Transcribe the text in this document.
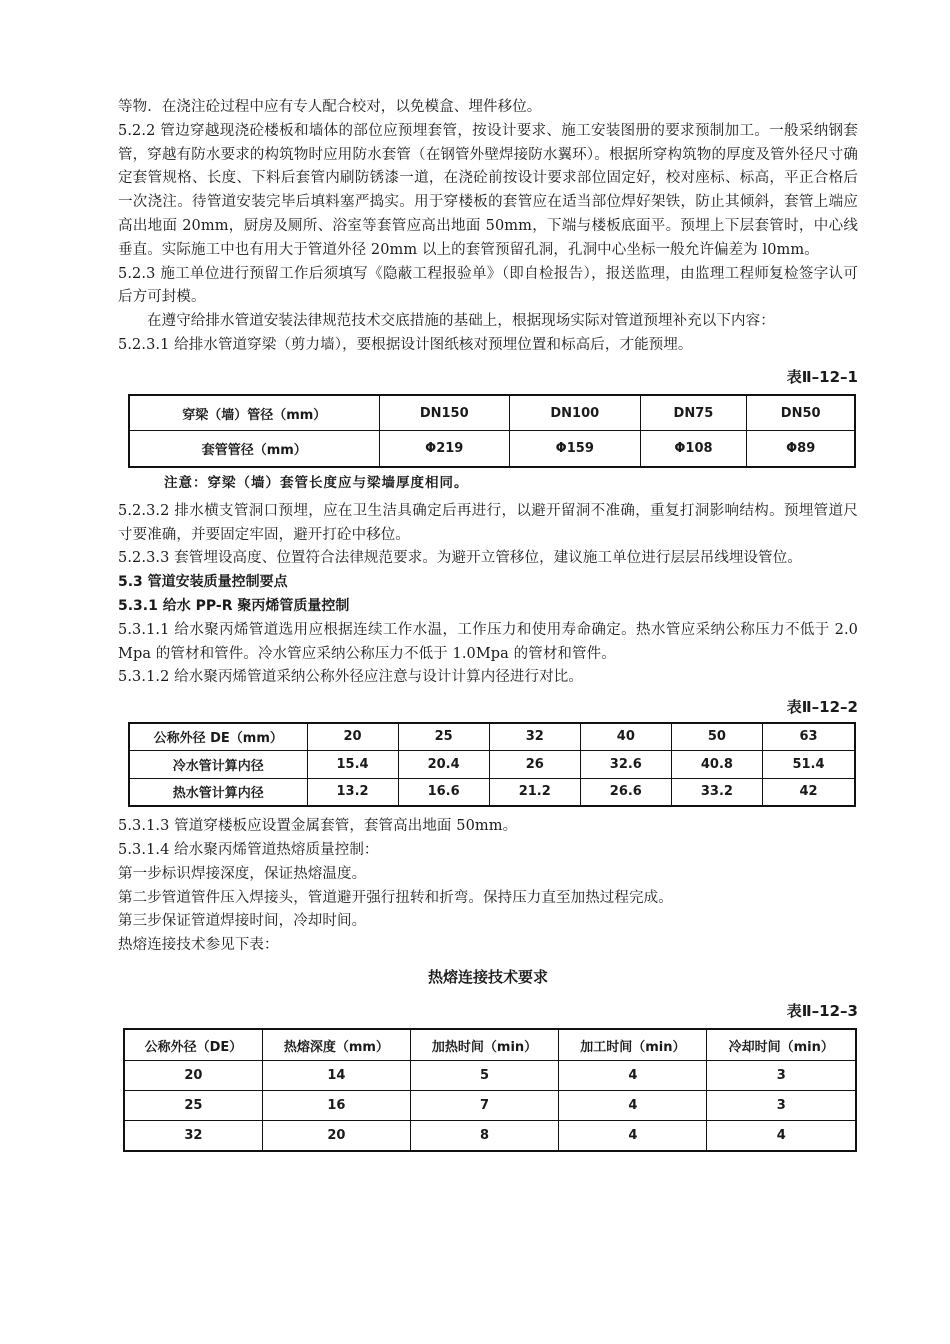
等物．在浇注砼过程中应有专人配合校对，以免模盒、埋件移位。

5.2.2 管边穿越现浇砼楼板和墙体的部位应预埋套管，按设计要求、施工安装图册的要求预制加工。一般采纳钢套管，穿越有防水要求的构筑物时应用防水套管（在钢管外壁焊接防水翼环）。根据所穿构筑物的厚度及管外径尺寸确定套管规格、长度、下料后套管内刷防锈漆一道，在浇砼前按设计要求部位固定好，校对座标、标高，平正合格后一次浇注。待管道安装完毕后填料塞严捣实。用于穿楼板的套管应在适当部位焊好架铁，防止其倾斜，套管上端应高出地面 20mm，厨房及厕所、浴室等套管应高出地面 50mm，下端与楼板底面平。预埋上下层套管时，中心线垂直。实际施工中也有用大于管道外径 20mm 以上的套管预留孔洞，孔洞中心坐标一般允许偏差为 l0mm。

5.2.3 施工单位进行预留工作后须填写《隐蔽工程报验单》（即自检报告），报送监理，由监理工程师复检签字认可后方可封模。

在遵守给排水管道安装法律规范技术交底措施的基础上，根据现场实际对管道预埋补充以下内容：

5.2.3.1 给排水管道穿梁（剪力墙），要根据设计图纸核对预埋位置和标高后，才能预埋。

表Ⅱ–12–1

穿梁（墙）管径（mm）	DN150	DN100	DN75	DN50
套管管径（mm）	Φ219	Φ159	Φ108	Φ89

注意：穿梁（墙）套管长度应与梁墙厚度相同。

5.2.3.2 排水横支管洞口预埋，应在卫生洁具确定后再进行，以避开留洞不准确，重复打洞影响结构。预埋管道尺寸要准确，并要固定牢固，避开打砼中移位。

5.2.3.3 套管埋设高度、位置符合法律规范要求。为避开立管移位，建议施工单位进行层层吊线埋设管位。

5.3 管道安装质量控制要点

5.3.1 给水 PP-R 聚丙烯管质量控制

5.3.1.1 给水聚丙烯管道选用应根据连续工作水温，工作压力和使用寿命确定。热水管应采纳公称压力不低于 2.0Mpa 的管材和管件。冷水管应采纳公称压力不低于 1.0Mpa 的管材和管件。

5.3.1.2 给水聚丙烯管道采纳公称外径应注意与设计计算内径进行对比。

表Ⅱ–12–2

公称外径 DE（mm）	20	25	32	40	50	63
冷水管计算内径	15.4	20.4	26	32.6	40.8	51.4
热水管计算内径	13.2	16.6	21.2	26.6	33.2	42

5.3.1.3 管道穿楼板应设置金属套管，套管高出地面 50mm。

5.3.1.4 给水聚丙烯管道热熔质量控制：

第一步标识焊接深度，保证热熔温度。

第二步管道管件压入焊接头，管道避开强行扭转和折弯。保持压力直至加热过程完成。

第三步保证管道焊接时间，冷却时间。

热熔连接技术参见下表：

热熔连接技术要求

表Ⅱ–12–3

公称外径（DE）	热熔深度（mm）	加热时间（min）	加工时间（min）	冷却时间（min）
20	14	5	4	3
25	16	7	4	3
32	20	8	4	4
